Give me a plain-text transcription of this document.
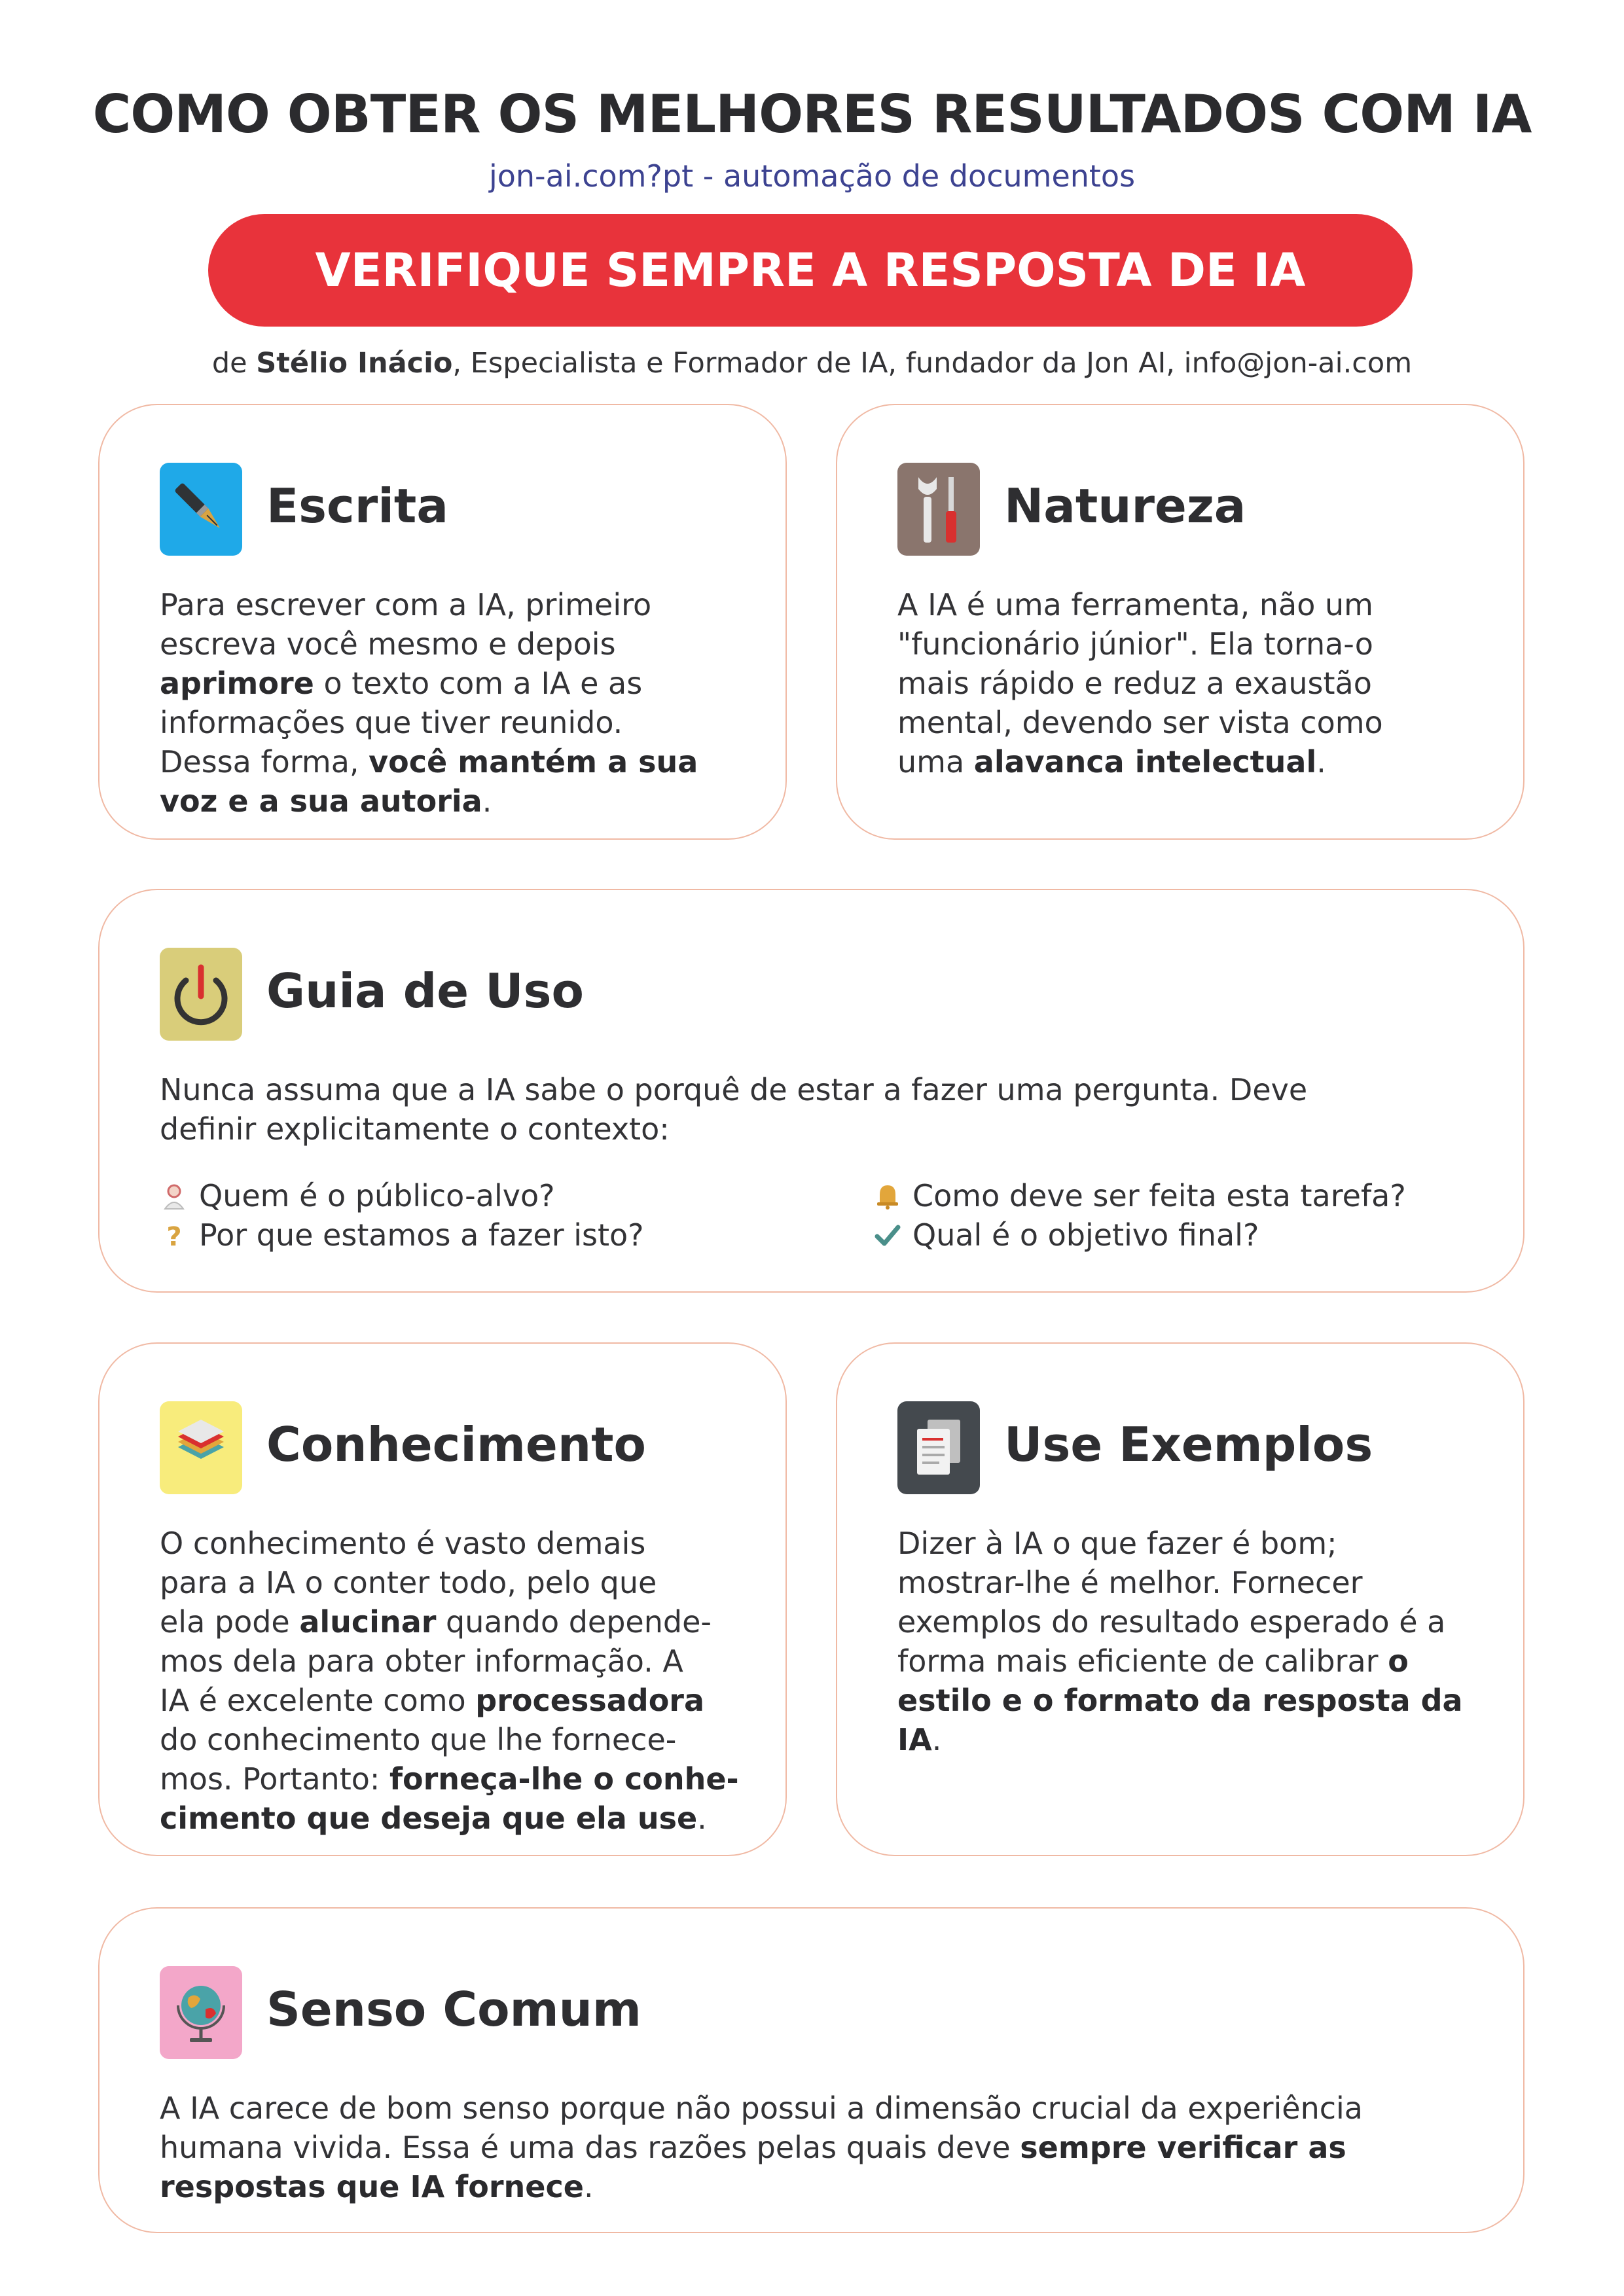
COMO OBTER OS MELHORES RESULTADOS COM IA
jon-ai.com?pt - automação de documentos
VERIFIQUE SEMPRE A RESPOSTA DE IA
de Stélio Inácio, Especialista e Formador de IA, fundador da Jon AI, info@jon-ai.com
Escrita

Para escrever com a IA, primeiro

escreva você mesmo e depois

aprimore o texto com a IA e as

informações que tiver reunido.

Dessa forma, você mantém a sua

voz e a sua autoria.

Natureza

A IA é uma ferramenta, não um

"funcionário júnior". Ela torna-o

mais rápido e reduz a exaustão

mental, devendo ser vista como

uma alavanca intelectual.

Guia de Uso

Nunca assuma que a IA sabe o porquê de estar a fazer uma pergunta. Deve

definir explicitamente o contexto:

Quem é o público-alvo?
? Por que estamos a fazer isto?
Como deve ser feita esta tarefa?
Qual é o objetivo final?
Conhecimento

O conhecimento é vasto demais

para a IA o conter todo, pelo que

ela pode alucinar quando depende-

mos dela para obter informação. A

IA é excelente como processadora

do conhecimento que lhe fornece-

mos. Portanto: forneça-lhe o conhe-

cimento que deseja que ela use.

Use Exemplos

Dizer à IA o que fazer é bom;

mostrar-lhe é melhor. Fornecer

exemplos do resultado esperado é a

forma mais eficiente de calibrar o

estilo e o formato da resposta da

IA.

Senso Comum

A IA carece de bom senso porque não possui a dimensão crucial da experiência

humana vivida. Essa é uma das razões pelas quais deve sempre verificar as

respostas que IA fornece.
